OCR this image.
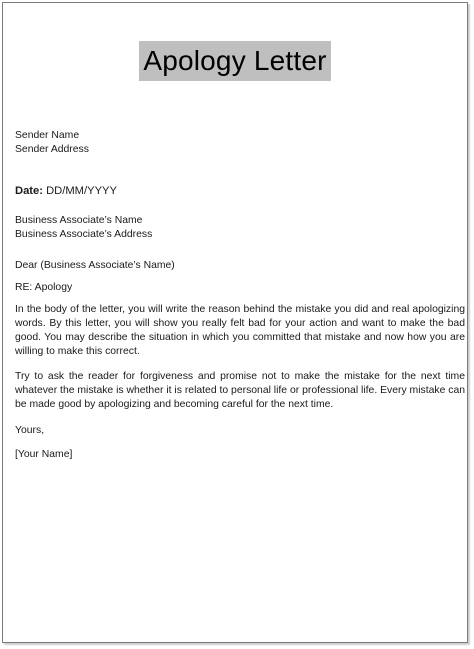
Apology Letter
Sender Name
Sender Address
Date: DD/MM/YYYY
Business Associate’s Name
Business Associate’s Address
Dear (Business Associate’s Name)
RE: Apology

In the body of the letter, you will write the reason behind the mistake you did and real apologizing words. By this letter, you will show you really felt bad for your action and want to make the bad good. You may describe the situation in which you committed that mistake and now how you are willing to make this correct.

Try to ask the reader for forgiveness and promise not to make the mistake for the next time whatever the mistake is whether it is related to personal life or professional life. Every mistake can be made good by apologizing and becoming careful for the next time.

Yours,
[Your Name]
